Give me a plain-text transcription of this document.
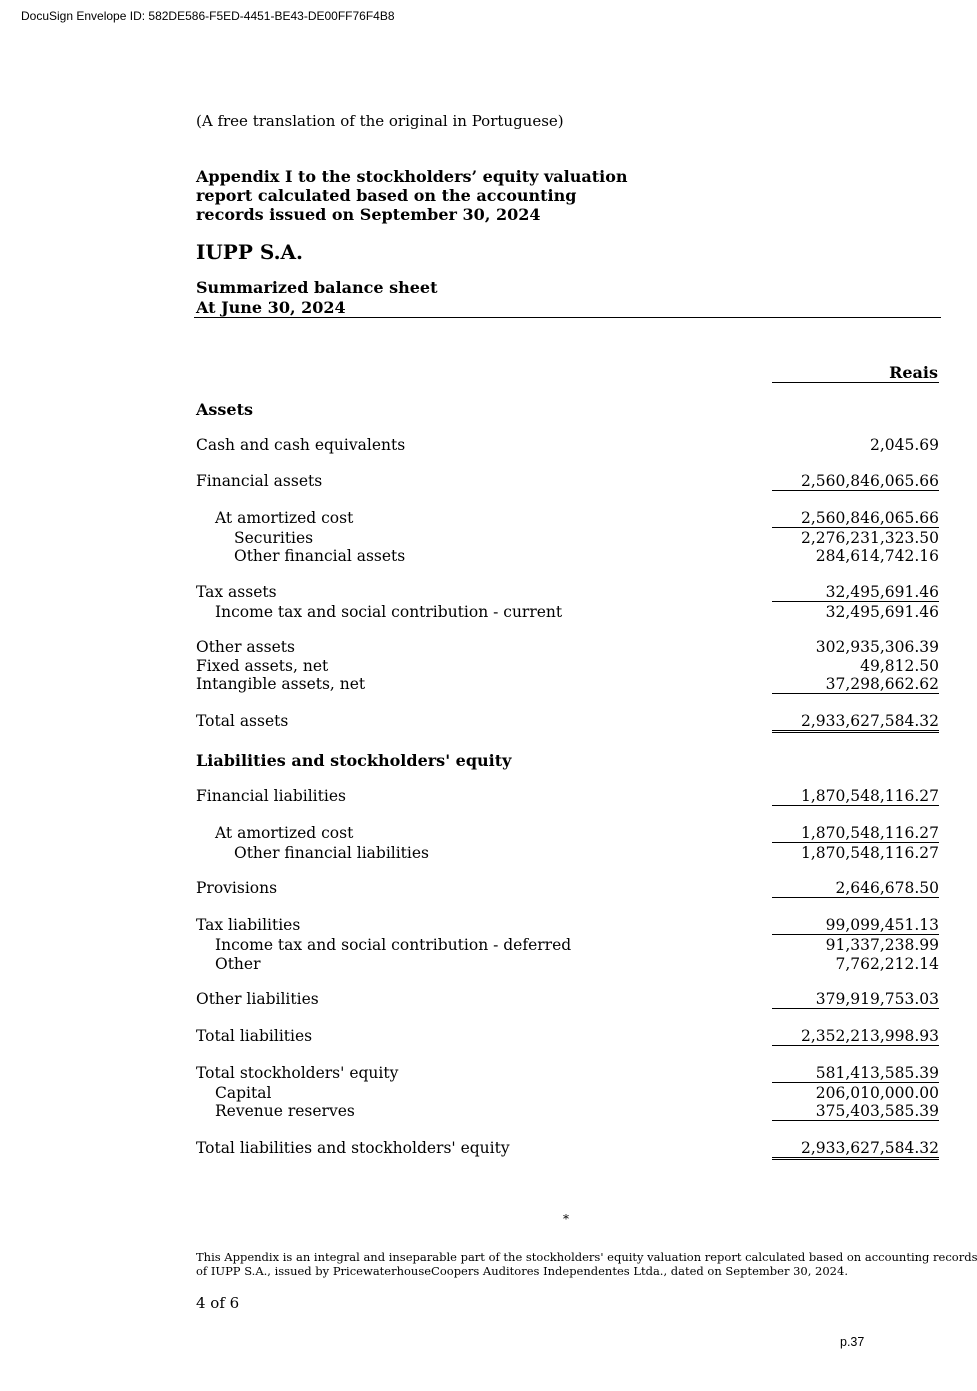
DocuSign Envelope ID: 582DE586-F5ED-4451-BE43-DE00FF76F4B8
(A free translation of the original in Portuguese)
Appendix I to the stockholders’ equity valuation
report calculated based on the accounting
records issued on September 30, 2024
IUPP S.A.
Summarized balance sheet
At June 30, 2024
Reais
Assets
Cash and cash equivalents	2,045.69
Financial assets	2,560,846,065.66
At amortized cost	2,560,846,065.66
Securities	2,276,231,323.50
Other financial assets	284,614,742.16
Tax assets	32,495,691.46
Income tax and social contribution - current	32,495,691.46
Other assets	302,935,306.39
Fixed assets, net	49,812.50
Intangible assets, net	37,298,662.62
Total assets	2,933,627,584.32
Liabilities and stockholders' equity
Financial liabilities	1,870,548,116.27
At amortized cost	1,870,548,116.27
Other financial liabilities	1,870,548,116.27
Provisions	2,646,678.50
Tax liabilities	99,099,451.13
Income tax and social contribution - deferred	91,337,238.99
Other	7,762,212.14
Other liabilities	379,919,753.03
Total liabilities	2,352,213,998.93
Total stockholders' equity	581,413,585.39
Capital	206,010,000.00
Revenue reserves	375,403,585.39
Total liabilities and stockholders' equity	2,933,627,584.32
*
This Appendix is an integral and inseparable part of the stockholders' equity valuation report calculated based on accounting records
of IUPP S.A., issued by PricewaterhouseCoopers Auditores Independentes Ltda., dated on September 30, 2024.
4 of 6
p.37
